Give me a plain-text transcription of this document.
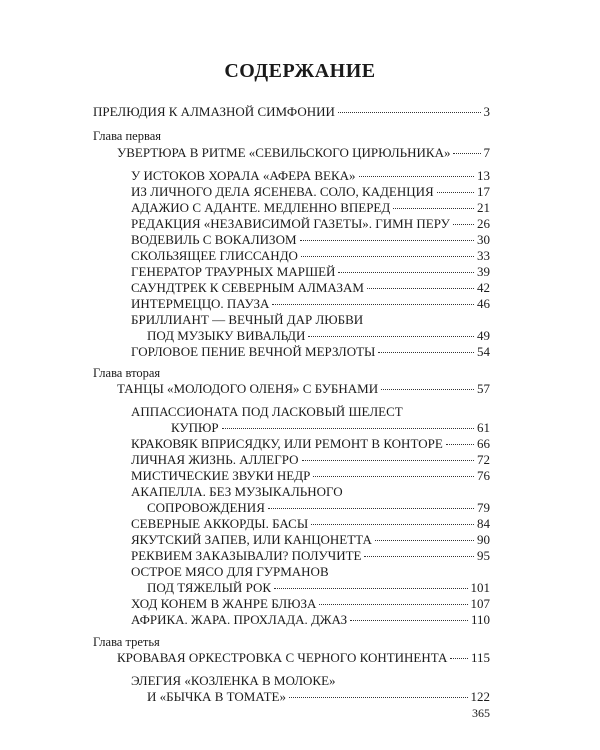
СОДЕРЖАНИЕ
ПРЕЛЮДИЯ К АЛМАЗНОЙ СИМФОНИИ	3
Глава первая
УВЕРТЮРА В РИТМЕ «СЕВИЛЬСКОГО ЦИРЮЛЬНИКА»	7
У ИСТОКОВ ХОРАЛА «АФЕРА ВЕКА»	13
ИЗ ЛИЧНОГО ДЕЛА ЯСЕНЕВА. СОЛО, КАДЕНЦИЯ	17
АДАЖИО С АДАНТЕ. МЕДЛЕННО ВПЕРЕД	21
РЕДАКЦИЯ «НЕЗАВИСИМОЙ ГАЗЕТЫ». ГИМН ПЕРУ 26
ВОДЕВИЛЬ С ВОКАЛИЗОМ	30
СКОЛЬЗЯЩЕЕ ГЛИССАНДО	33
ГЕНЕРАТОР ТРАУРНЫХ МАРШЕЙ	39
САУНДТРЕК К СЕВЕРНЫМ АЛМАЗАМ	42
ИНТЕРМЕЦЦО. ПАУЗА	46
БРИЛЛИАНТ — ВЕЧНЫЙ ДАР ЛЮБВИ
ПОД МУЗЫКУ ВИВАЛЬДИ	49
ГОРЛОВОЕ ПЕНИЕ ВЕЧНОЙ МЕРЗЛОТЫ	54
Глава вторая
ТАНЦЫ «МОЛОДОГО ОЛЕНЯ» С БУБНАМИ	57
АППАССИОНАТА ПОД ЛАСКОВЫЙ ШЕЛЕСТ
КУПЮР	61
КРАКОВЯК ВПРИСЯДКУ, ИЛИ РЕМОНТ В КОНТОРЕ	66
ЛИЧНАЯ ЖИЗНЬ. АЛЛЕГРО	72
МИСТИЧЕСКИЕ ЗВУКИ НЕДР	76
АКАПЕЛЛА. БЕЗ МУЗЫКАЛЬНОГО
СОПРОВОЖДЕНИЯ	79
СЕВЕРНЫЕ АККОРДЫ. БАСЫ	84
ЯКУТСКИЙ ЗАПЕВ, ИЛИ КАНЦОНЕТТА	90
РЕКВИЕМ ЗАКАЗЫВАЛИ? ПОЛУЧИТЕ	95
ОСТРОЕ МЯСО ДЛЯ ГУРМАНОВ
ПОД ТЯЖЕЛЫЙ РОК	101
ХОД КОНЕМ В ЖАНРЕ БЛЮЗА	107
АФРИКА. ЖАРА. ПРОХЛАДА. ДЖАЗ	110
Глава третья
КРОВАВАЯ ОРКЕСТРОВКА С ЧЕРНОГО КОНТИНЕНТА 115
ЭЛЕГИЯ «КОЗЛЕНКА В МОЛОКЕ»
И «БЫЧКА В ТОМАТЕ»	122
365
